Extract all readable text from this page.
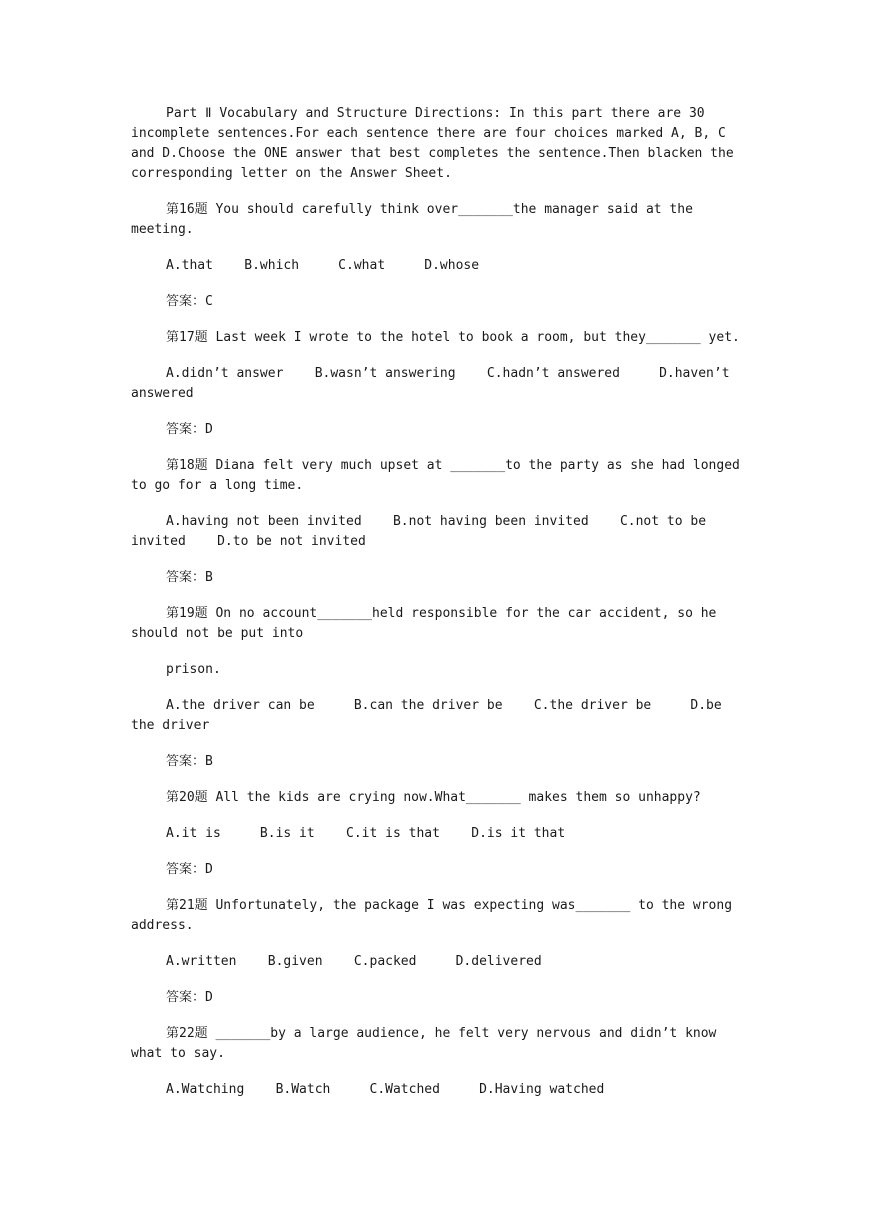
Part Ⅱ Vocabulary and Structure Directions: In this part there are 30 incomplete sentences.For each sentence there are four choices marked A, B, C and D.Choose the ONE answer that best completes the sentence.Then blacken the corresponding letter on the Answer Sheet.

第16题 You should carefully think over_______the manager said at the meeting.

A.that    B.which     C.what     D.whose

答案：C

第17题 Last week I wrote to the hotel to book a room, but they_______ yet.

A.didn’t answer    B.wasn’t answering    C.hadn’t answered     D.haven’t answered

答案：D

第18题 Diana felt very much upset at _______to the party as she had longed to go for a long time.

A.having not been invited    B.not having been invited    C.not to be invited    D.to be not invited

答案：B

第19题 On no account_______held responsible for the car accident, so he should not be put into

prison.

A.the driver can be     B.can the driver be    C.the driver be     D.be the driver

答案：B

第20题 All the kids are crying now.What_______ makes them so unhappy?

A.it is     B.is it    C.it is that    D.is it that

答案：D

第21题 Unfortunately, the package I was expecting was_______ to the wrong address.

A.written    B.given    C.packed     D.delivered

答案：D

第22题 _______by a large audience, he felt very nervous and didn’t know what to say.

A.Watching    B.Watch     C.Watched     D.Having watched
